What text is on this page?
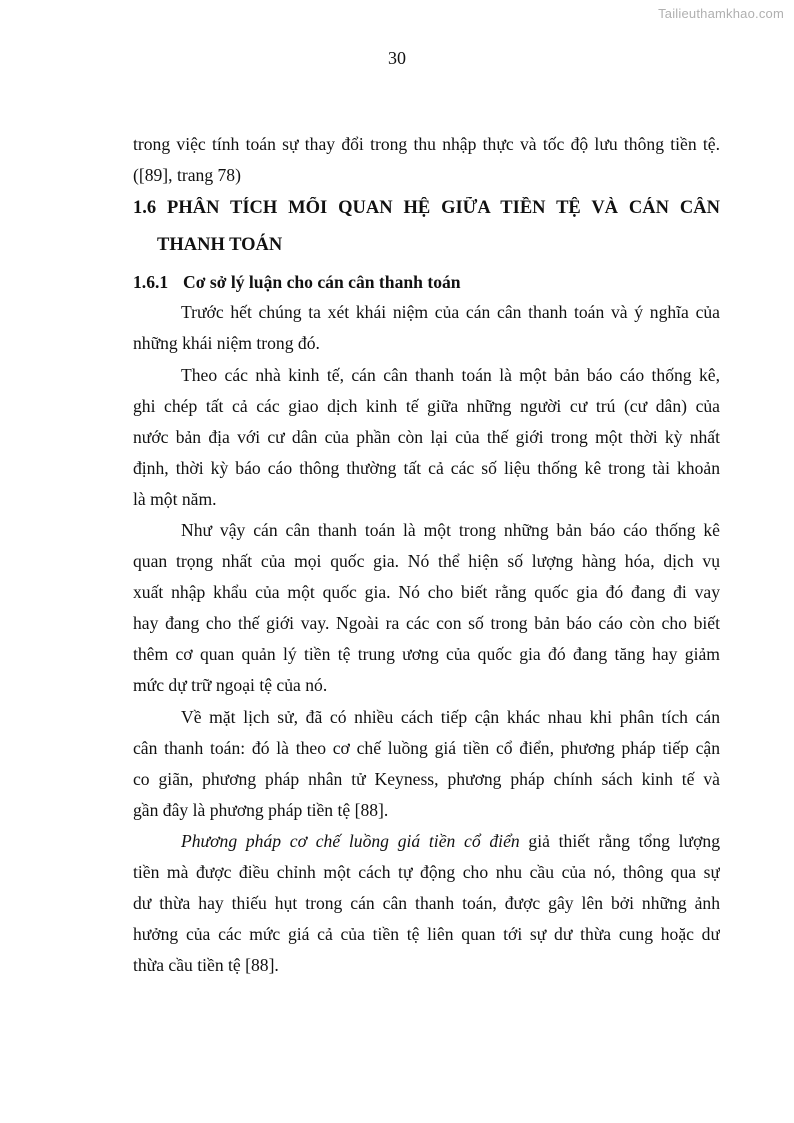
Tailieuthamkhao.com
30
trong việc tính toán sự thay đổi trong thu nhập thực và tốc độ lưu thông tiền tệ.
([89], trang 78)
1.6 PHÂN TÍCH MỐI QUAN HỆ GIỮA TIỀN TỆ VÀ CÁN CÂN
THANH TOÁN
1.6.1 Cơ sở lý luận cho cán cân thanh toán
Trước hết chúng ta xét khái niệm của cán cân thanh toán và ý nghĩa của
những khái niệm trong đó.
Theo các nhà kinh tế, cán cân thanh toán là một bản báo cáo thống kê,
ghi chép tất cả các giao dịch kinh tế giữa những người cư trú (cư dân) của
nước bản địa với cư dân của phần còn lại của thế giới trong một thời kỳ nhất
định, thời kỳ báo cáo thông thường tất cả các số liệu thống kê trong tài khoản
là một năm.
Như vậy cán cân thanh toán là một trong những bản báo cáo thống kê
quan trọng nhất của mọi quốc gia. Nó thể hiện số lượng hàng hóa, dịch vụ
xuất nhập khẩu của một quốc gia. Nó cho biết rằng quốc gia đó đang đi vay
hay đang cho thế giới vay. Ngoài ra các con số trong bản báo cáo còn cho biết
thêm cơ quan quản lý tiền tệ trung ương của quốc gia đó đang tăng hay giảm
mức dự trữ ngoại tệ của nó.
Về mặt lịch sử, đã có nhiều cách tiếp cận khác nhau khi phân tích cán
cân thanh toán: đó là theo cơ chế luồng giá tiền cổ điển, phương pháp tiếp cận
co giãn, phương pháp nhân tử Keyness, phương pháp chính sách kinh tế và
gần đây là phương pháp tiền tệ [88].
Phương pháp cơ chế luồng giá tiền cổ điển giả thiết rằng tổng lượng
tiền mà được điều chỉnh một cách tự động cho nhu cầu của nó, thông qua sự
dư thừa hay thiếu hụt trong cán cân thanh toán, được gây lên bởi những ảnh
hưởng của các mức giá cả của tiền tệ liên quan tới sự dư thừa cung hoặc dư
thừa cầu tiền tệ [88].
